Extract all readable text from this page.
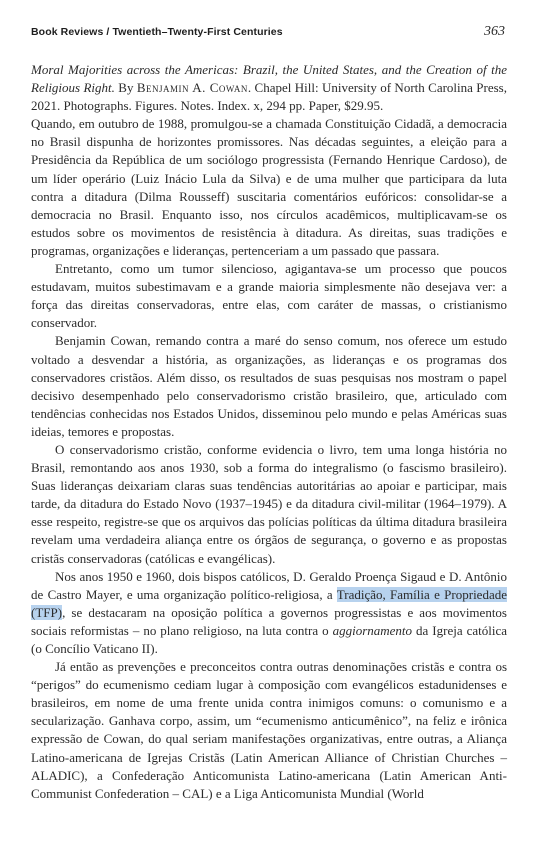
Book Reviews / Twentieth–Twenty-First Centuries	363

Moral Majorities across the Americas: Brazil, the United States, and the Creation of the Religious Right. By Benjamin A. Cowan. Chapel Hill: University of North Carolina Press, 2021. Photographs. Figures. Notes. Index. x, 294 pp. Paper, $29.95.

Quando, em outubro de 1988, promulgou-se a chamada Constituição Cidadã, a democracia no Brasil dispunha de horizontes promissores. Nas décadas seguintes, a eleição para a Presidência da República de um sociólogo progressista (Fernando Henrique Cardoso), de um líder operário (Luiz Inácio Lula da Silva) e de uma mulher que participara da luta contra a ditadura (Dilma Rousseff) suscitaria comentários eufóricos: consolidar-se a democracia no Brasil. Enquanto isso, nos círculos acadêmicos, multiplicavam-se os estudos sobre os movimentos de resistência à ditadura. As direitas, suas tradições e programas, organizações e lideranças, pertenceriam a um passado que passara.

Entretanto, como um tumor silencioso, agigantava-se um processo que poucos estudavam, muitos subestimavam e a grande maioria simplesmente não desejava ver: a força das direitas conservadoras, entre elas, com caráter de massas, o cristianismo conservador.

Benjamin Cowan, remando contra a maré do senso comum, nos oferece um estudo voltado a desvendar a história, as organizações, as lideranças e os programas dos conservadores cristãos. Além disso, os resultados de suas pesquisas nos mostram o papel decisivo desempenhado pelo conservadorismo cristão brasileiro, que, articulado com tendências conhecidas nos Estados Unidos, disseminou pelo mundo e pelas Américas suas ideias, temores e propostas.

O conservadorismo cristão, conforme evidencia o livro, tem uma longa história no Brasil, remontando aos anos 1930, sob a forma do integralismo (o fascismo brasileiro). Suas lideranças deixariam claras suas tendências autoritárias ao apoiar e participar, mais tarde, da ditadura do Estado Novo (1937–1945) e da ditadura civil-militar (1964–1979). A esse respeito, registre-se que os arquivos das polícias políticas da última ditadura brasileira revelam uma verdadeira aliança entre os órgãos de segurança, o governo e as propostas cristãs conservadoras (católicas e evangélicas).

Nos anos 1950 e 1960, dois bispos católicos, D. Geraldo Proença Sigaud e D. Antônio de Castro Mayer, e uma organização político-religiosa, a Tradição, Família e Propriedade (TFP), se destacaram na oposição política a governos progressistas e aos movimentos sociais reformistas – no plano religioso, na luta contra o aggiornamento da Igreja católica (o Concílio Vaticano II).

Já então as prevenções e preconceitos contra outras denominações cristãs e contra os “perigos” do ecumenismo cediam lugar à composição com evangélicos estadunidenses e brasileiros, em nome de uma frente unida contra inimigos comuns: o comunismo e a secularização. Ganhava corpo, assim, um “ecumenismo anticumênico”, na feliz e irônica expressão de Cowan, do qual seriam manifestações organizativas, entre outras, a Aliança Latino-americana de Igrejas Cristãs (Latin American Alliance of Christian Churches – ALADIC), a Confederação Anticomunista Latino-americana (Latin American Anti-Communist Confederation – CAL) e a Liga Anticomunista Mundial (World
